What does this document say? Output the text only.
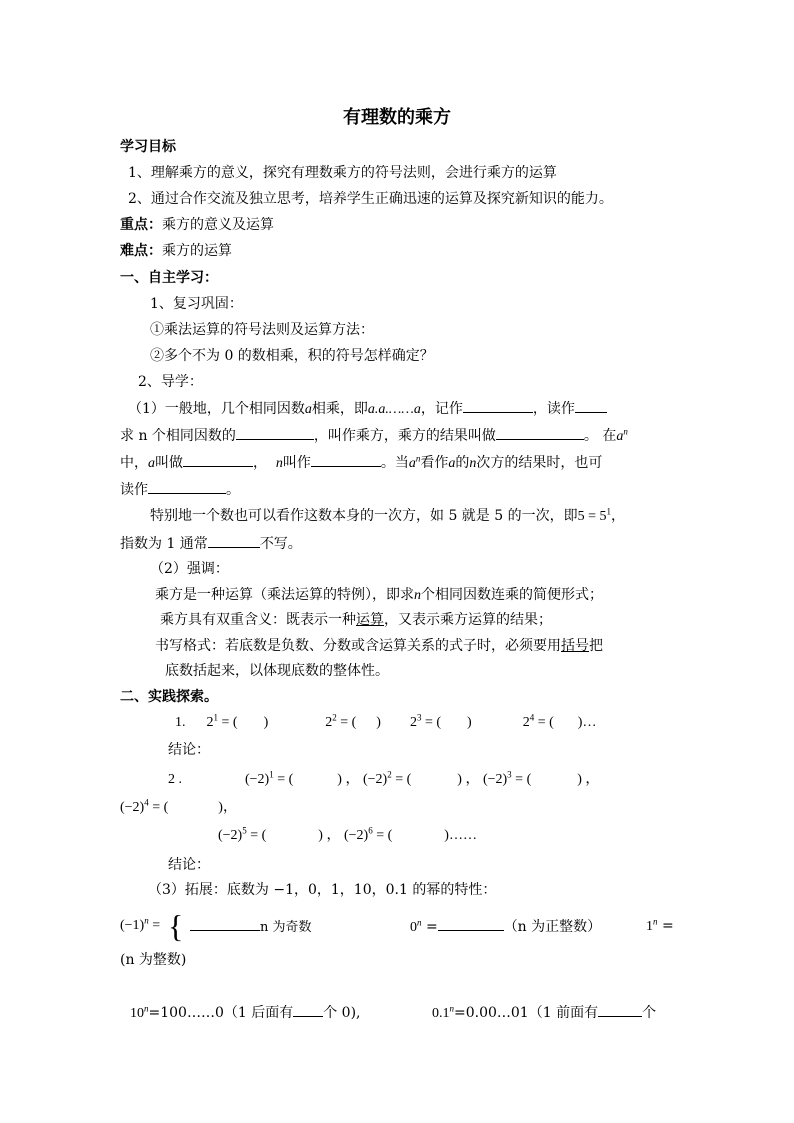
有理数的乘方
学习目标
1、理解乘方的意义，探究有理数乘方的符号法则，会进行乘方的运算
2、通过合作交流及独立思考，培养学生正确迅速的运算及探究新知识的能力。
重点：乘方的意义及运算
难点：乘方的运算
一、自主学习：
1、复习巩固：
①乘法运算的符号法则及运算方法：
②多个不为 0 的数相乘，积的符号怎样确定？
2、导学：
（1）一般地，几个相同因数a相乘，即a.a.……a，记作	，读作
求 n 个相同因数的	，叫作乘方，乘方的结果叫做	。 在$a^n$
中，a叫做	， n叫作	。当$a^n$看作a的n次方的结果时，也可
读作	。
特别地一个数也可以看作这数本身的一次方，如 5 就是 5 的一次，即$5 = 5^1$，
指数为 1 通常	不写。
（2）强调：
乘方是一种运算（乘法运算的特例），即求n个相同因数连乘的简便形式；
乘方具有双重含义：既表示一种运算，又表示乘方运算的结果；
书写格式：若底数是负数、分数或含运算关系的式子时，必须要用括号把
底数括起来，以体现底数的整体性。
二、实践探索。
1. $2^1$ = ( )	$2^2$ = ( ) $2^3$ = ( )	$2^4$ = ( )…
结论：
2 .	$(-2)^1$ = (	) ， $(-2)^2$ = (	) ， $(-2)^3$ = (	) ，
$(-2)^4$ = (	)，
$(-2)^5$ = (	) ， $(-2)^6$ = (	)……
结论：
（3）拓展：底数为 −1，0，1，10，0.1 的幂的特性：
$(-1)^n$ = {	n 为奇数	$0^n$ =	（n 为正整数）	$1^n$ =
(n 为整数)
$10^n=100\dots\dots 0(1$ 后面有 个 0),	$0.1^n=0.00\dots 01(1$ 前面有	个
